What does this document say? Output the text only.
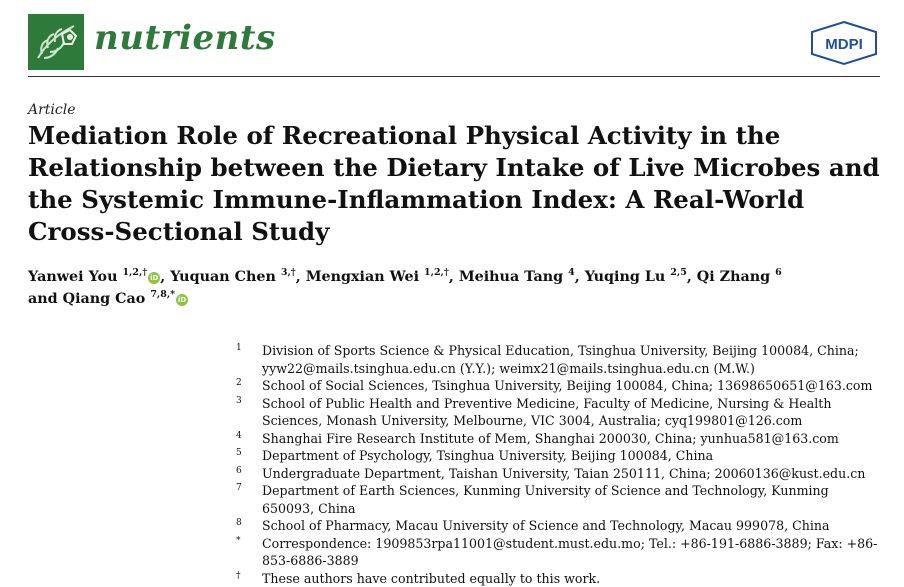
nutrients	MDPI
Article
Mediation Role of Recreational Physical Activity in the Relationship between the Dietary Intake of Live Microbes and the Systemic Immune-Inflammation Index: A Real-World Cross-Sectional Study
Yanwei You $^{1,2,\dagger}$ iD , Yuquan Chen $^{3,\dagger}$, Mengxian Wei $^{1,2,\dagger}$, Meihua Tang $^4$, Yuqing Lu $^{2,5}$, Qi Zhang $^6$
and Qiang Cao $^{7,8,*}$ iD
1 Division of Sports Science & Physical Education, Tsinghua University, Beijing 100084, China; yyw22@mails.tsinghua.edu.cn (Y.Y.); weimx21@mails.tsinghua.edu.cn (M.W.)
2 School of Social Sciences, Tsinghua University, Beijing 100084, China; 13698650651@163.com
3 School of Public Health and Preventive Medicine, Faculty of Medicine, Nursing & Health Sciences, Monash University, Melbourne, VIC 3004, Australia; cyq199801@126.com
4 Shanghai Fire Research Institute of Mem, Shanghai 200030, China; yunhua581@163.com
5 Department of Psychology, Tsinghua University, Beijing 100084, China
6 Undergraduate Department, Taishan University, Taian 250111, China; 20060136@kust.edu.cn
7 Department of Earth Sciences, Kunming University of Science and Technology, Kunming 650093, China
8 School of Pharmacy, Macau University of Science and Technology, Macau 999078, China
* Correspondence: 1909853rpa11001@student.must.edu.mo; Tel.: +86-191-6886-3889; Fax: +86-853-6886-3889
† These authors have contributed equally to this work.
